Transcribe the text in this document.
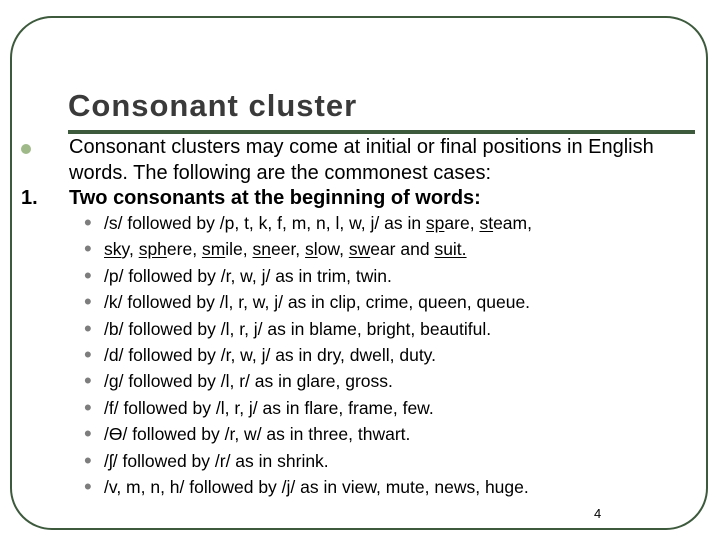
Consonant cluster
Consonant clusters may come at initial or final positions in English words. The following are the commonest cases:
1. Two consonants at the beginning of words:
• /s/ followed by /p, t, k, f, m, n, l, w, j/ as in spare, steam,
• sky, sphere, smile, sneer, slow, swear and suit.
• /p/ followed by /r, w, j/ as in trim, twin.
• /k/ followed by /l, r, w, j/ as in clip, crime, queen, queue.
• /b/ followed by /l, r, j/ as in blame, bright, beautiful.
• /d/ followed by /r, w, j/ as in dry, dwell, duty.
• /g/ followed by /l, r/ as in glare, gross.
• /f/ followed by /l, r, j/ as in flare, frame, few.
• /Ɵ/ followed by /r, w/ as in three, thwart.
• /ʃ/ followed by /r/ as in shrink.
• /v, m, n, h/ followed by /j/ as in view, mute, news, huge.
4
